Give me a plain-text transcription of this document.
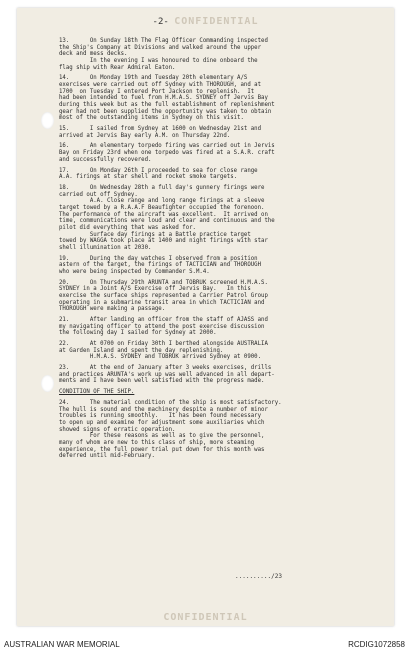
-2- CONFIDENTIAL
13.      On Sunday 18th The Flag Officer Commanding inspected
the Ship's Company at Divisions and walked around the upper
deck and mess decks.
In the evening I was honoured to dine onboard the
flag ship with Rear Admiral Eaton.
14.      On Monday 19th and Tuesday 20th elementary A/S
exercises were carried out off Sydney with THOROUGH, and at
1700  on Tuesday I entered Port Jackson to replenish.  It
had been intended to fuel from H.M.A.S. SYDNEY off Jervis Bay
during this week but as the full establishment of replenishment
gear had not been supplied the opportunity was taken to obtain
most of the outstanding items in Sydney on this visit.
15.      I sailed from Sydney at 1600 on Wednesday 21st and
arrived at Jervis Bay early A.M. on Thursday 22nd.
16.      An elementary torpedo firing was carried out in Jervis
Bay on Friday 23rd when one torpedo was fired at a S.A.R. craft
and successfully recovered.
17.      On Monday 26th I proceeded to sea for close range
A.A. firings at star shell and rocket smoke targets.
18.      On Wednesday 28th a full day's gunnery firings were
carried out off Sydney.
A.A. Close range and long range firings at a sleeve
target towed by a R.A.A.F Beaufighter occupied the forenoon.
The performance of the aircraft was excellent.  It arrived on
time, communications were loud and clear and continuous and the
pilot did everything that was asked for.
Surface day firings at a Battle practice target
towed by WAGGA took place at 1400 and night firings with star
shell illumination at 2030.
19.      During the day watches I observed from a position
astern of the target, the firings of TACTICIAN and THOROUGH
who were being inspected by Commander S.M.4.
20.      On Thursday 29th ARUNTA and TOBRUK screened H.M.A.S.
SYDNEY in a Joint A/S Exercise off Jervis Bay.   In this
exercise the surface ships represented a Carrier Patrol Group
operating in a submarine transit area in which TACTICIAN and
THOROUGH were making a passage.
21.      After landing an officer from the staff of AJASS and
my navigating officer to attend the post exercise discussion
the following day I sailed for Sydney at 2000.
22.      At 0700 on Friday 30th I berthed alongside AUSTRALIA
at Garden Island and spent the day replenishing.
H.M.A.S. SYDNEY and TOBRUK arrived Sydney at 0900.
23.      At the end of January after 3 weeks exercises, drills
and practices ARUNTA's work up was well advanced in all depart-
ments and I have been well satisfied with the progress made.
CONDITION OF THE SHIP.
24.      The material condition of the ship is most satisfactory.
The hull is sound and the machinery despite a number of minor
troubles is running smoothly.   It has been found necessary
to open up and examine for adjustment some auxiliaries which
showed signs of erratic operation.
For these reasons as well as to give the personnel,
many of whom are new to this class of ship, more steaming
experience, the full power trial put down for this month was
deferred until mid-February.
........../23
CONFIDENTIAL
AUSTRALIAN WAR MEMORIAL	RCDIG1072858
